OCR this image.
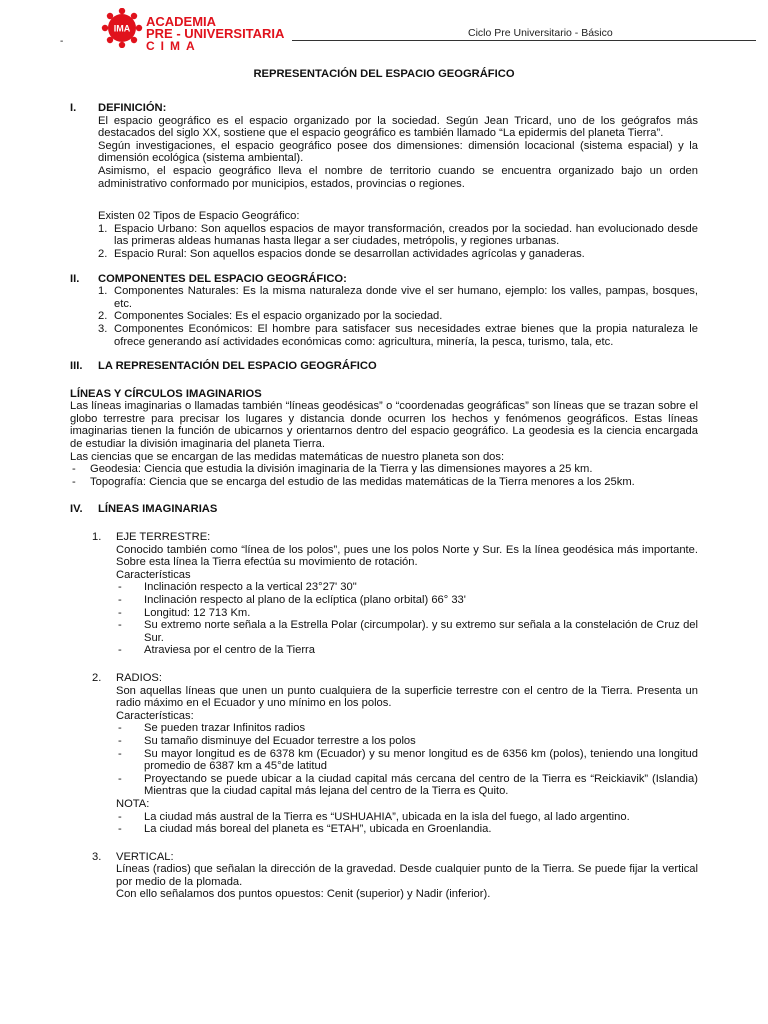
-
IMA ACADEMIA
PRE - UNIVERSITARIA
CIMA
Ciclo Pre Universitario - Básico
REPRESENTACIÓN DEL ESPACIO GEOGRÁFICO
I. DEFINICIÓN:

El espacio geográfico es el espacio organizado por la sociedad. Según Jean Tricard, uno de los geógrafos más destacados del siglo XX, sostiene que el espacio geográfico es también llamado “La epidermis del planeta Tierra”.

Según investigaciones, el espacio geográfico posee dos dimensiones: dimensión locacional (sistema espacial) y la dimensión ecológica (sistema ambiental).

Asimismo, el espacio geográfico lleva el nombre de territorio cuando se encuentra organizado bajo un orden administrativo conformado por municipios, estados, provincias o regiones.

Existen 02 Tipos de Espacio Geográfico:

1. Espacio Urbano: Son aquellos espacios de mayor transformación, creados por la sociedad. han evolucionado desde las primeras aldeas humanas hasta llegar a ser ciudades, metrópolis, y regiones urbanas.
2. Espacio Rural: Son aquellos espacios donde se desarrollan actividades agrícolas y ganaderas.
II. COMPONENTES DEL ESPACIO GEOGRÁFICO:
1. Componentes Naturales: Es la misma naturaleza donde vive el ser humano, ejemplo: los valles, pampas, bosques, etc.
2. Componentes Sociales: Es el espacio organizado por la sociedad.
3. Componentes Económicos: El hombre para satisfacer sus necesidades extrae bienes que la propia naturaleza le ofrece generando así actividades económicas como: agricultura, minería, la pesca, turismo, tala, etc.
III. LA REPRESENTACIÓN DEL ESPACIO GEOGRÁFICO
LÍNEAS Y CÍRCULOS IMAGINARIOS

Las líneas imaginarias o llamadas también “líneas geodésicas” o “coordenadas geográficas” son líneas que se trazan sobre el globo terrestre para precisar los lugares y distancia donde ocurren los hechos y fenómenos geográficos. Estas líneas imaginarias tienen la función de ubicarnos y orientarnos dentro del espacio geográfico. La geodesia es la ciencia encargada de estudiar la división imaginaria del planeta Tierra.

Las ciencias que se encargan de las medidas matemáticas de nuestro planeta son dos:

- Geodesia: Ciencia que estudia la división imaginaria de la Tierra y las dimensiones mayores a 25 km.
- Topografía: Ciencia que se encarga del estudio de las medidas matemáticas de la Tierra menores a los 25km.
IV. LÍNEAS IMAGINARIAS
1. EJE TERRESTRE:

Conocido también como “línea de los polos”, pues une los polos Norte y Sur. Es la línea geodésica más importante. Sobre esta línea la Tierra efectúa su movimiento de rotación.

Características
- Inclinación respecto a la vertical 23°27' 30"
- Inclinación respecto al plano de la eclíptica (plano orbital) 66° 33'
- Longitud: 12 713 Km.
- Su extremo norte señala a la Estrella Polar (circumpolar). y su extremo sur señala a la constelación de Cruz del Sur.
- Atraviesa por el centro de la Tierra
2. RADIOS:

Son aquellas líneas que unen un punto cualquiera de la superficie terrestre con el centro de la Tierra. Presenta un radio máximo en el Ecuador y uno mínimo en los polos.

Características:
- Se pueden trazar Infinitos radios
- Su tamaño disminuye del Ecuador terrestre a los polos
- Su mayor longitud es de 6378 km (Ecuador) y su menor longitud es de 6356 km (polos), teniendo una longitud promedio de 6387 km a 45°de latitud
- Proyectando se puede ubicar a la ciudad capital más cercana del centro de la Tierra es “Reickiavik” (Islandia) Mientras que la ciudad capital más lejana del centro de la Tierra es Quito.
NOTA:
- La ciudad más austral de la Tierra es “USHUAHIA”, ubicada en la isla del fuego, al lado argentino.
- La ciudad más boreal del planeta es “ETAH”, ubicada en Groenlandia.
3. VERTICAL:

Líneas (radios) que señalan la dirección de la gravedad. Desde cualquier punto de la Tierra. Se puede fijar la vertical por medio de la plomada.

Con ello señalamos dos puntos opuestos: Cenit (superior) y Nadir (inferior).
